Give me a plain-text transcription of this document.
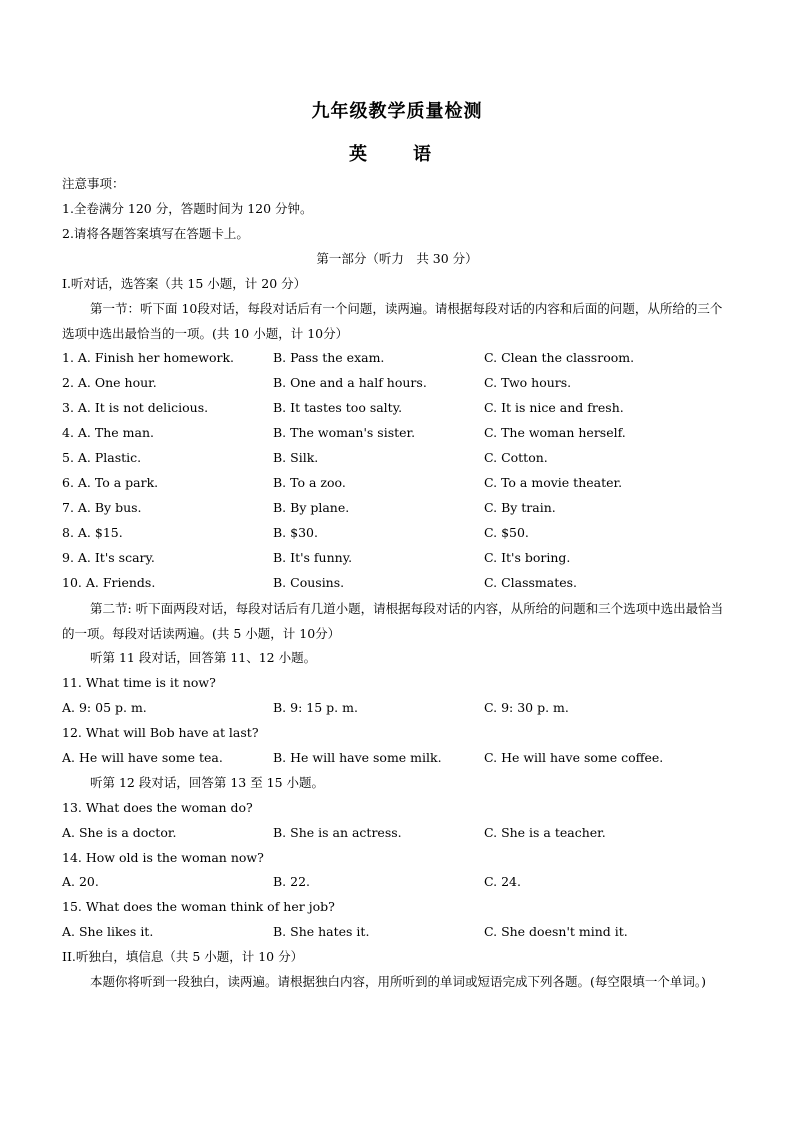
九年级教学质量检测
英　语
注意事项：
1.全卷满分 120 分，答题时间为 120 分钟。
2.请将各题答案填写在答题卡上。
第一部分（听力　共 30 分）
I.听对话，选答案（共 15 小题，计 20 分）
第一节：听下面 10段对话，每段对话后有一个问题，读两遍。请根据每段对话的内容和后面的问题，从所给的三个选项中选出最恰当的一项。(共 10 小题，计 10分）
1. A. Finish her homework.	B. Pass the exam.	C. Clean the classroom.
2. A. One hour.	B. One and a half hours.	C. Two hours.
3. A. It is not delicious.	B. It tastes too salty.	C. It is nice and fresh.
4. A. The man.	B. The woman's sister.	C. The woman herself.
5. A. Plastic.	B. Silk.	C. Cotton.
6. A. To a park.	B. To a zoo.	C. To a movie theater.
7. A. By bus.	B. By plane.	C. By train.
8. A. $15.	B. $30.	C. $50.
9. A. It's scary.	B. It's funny.	C. It's boring.
10. A. Friends.	B. Cousins.	C. Classmates.
第二节: 听下面两段对话，每段对话后有几道小题，请根据每段对话的内容，从所给的问题和三个选项中选出最恰当的一项。每段对话读两遍。(共 5 小题，计 10分）
听第 11 段对话，回答第 11、12 小题。
11. What time is it now?
A. 9: 05 p. m.	B. 9: 15 p. m.	C. 9: 30 p. m.
12. What will Bob have at last?
A. He will have some tea.	B. He will have some milk.	C. He will have some coffee.
听第 12 段对话，回答第 13 至 15 小题。
13. What does the woman do?
A. She is a doctor.	B. She is an actress.	C. She is a teacher.
14. How old is the woman now?
A. 20.	B. 22.	C. 24.
15. What does the woman think of her job?
A. She likes it.	B. She hates it.	C. She doesn't mind it.
II.听独白，填信息（共 5 小题，计 10 分）
本题你将听到一段独白，读两遍。请根据独白内容，用所听到的单词或短语完成下列各题。(每空限填一个单词。)
